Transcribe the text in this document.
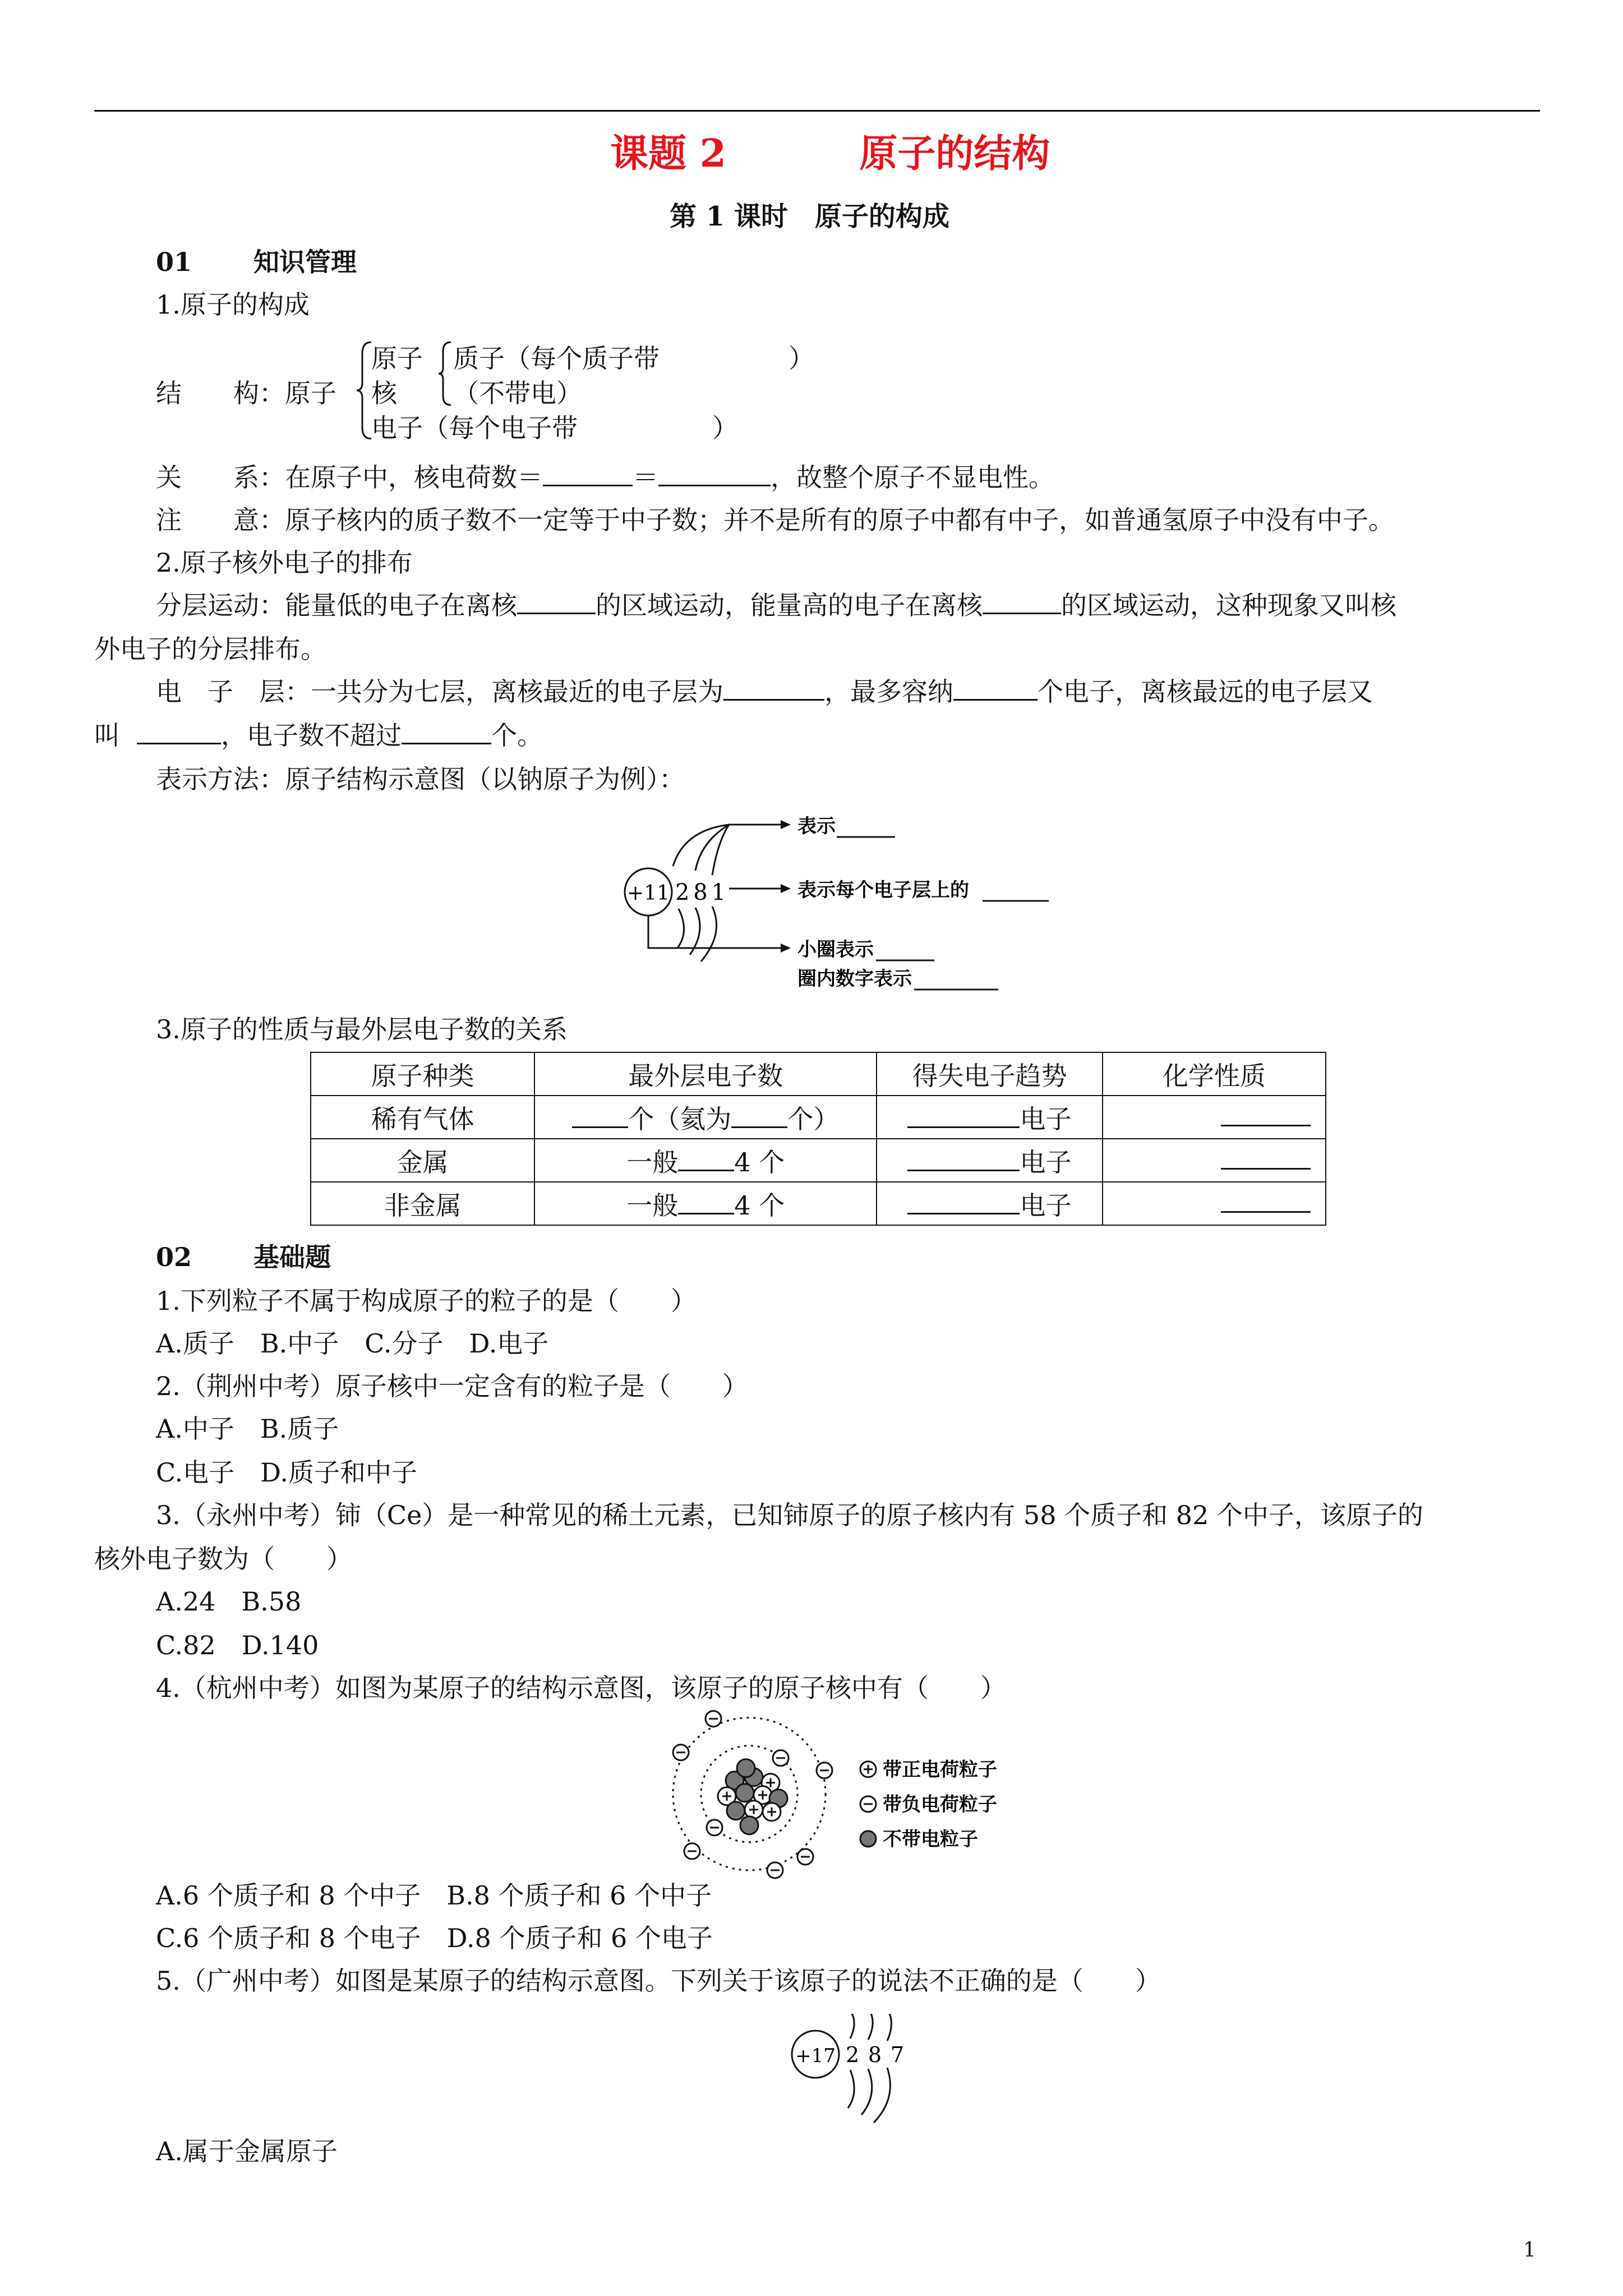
课题 2	原子的结构
第 1 课时　原子的构成
01 知识管理
1.原子的构成
结　　构：原子
原子
核
电子（每个电子带	）
质子（每个质子带	）
（不带电）
关　　系：在原子中，核电荷数＝	＝	，故整个原子不显电性。
注　　意：原子核内的质子数不一定等于中子数；并不是所有的原子中都有中子，如普通氢原子中没有中子。
2.原子核外电子的排布
分层运动：能量低的电子在离核	的区域运动，能量高的电子在离核	的区域运动，这种现象又叫核
外电子的分层排布。
电　子　层：一共分为七层，离核最近的电子层为	，最多容纳	个电子，离核最远的电子层又
叫	，电子数不超过	个。
表示方法：原子结构示意图（以钠原子为例）：
+11 2 8 1
表示
表示每个电子层上的
小圈表示
圈内数字表示
3.原子的性质与最外层电子数的关系
原子种类	最外层电子数	得失电子趋势	化学性质
稀有气体	个（氦为 个）	电子	
金属	一般 4 个	电子	
非金属	一般 4 个	电子	
02 基础题
1.下列粒子不属于构成原子的粒子的是（　　）
A.质子　B.中子　C.分子　D.电子
2.（荆州中考）原子核中一定含有的粒子是（　　）
A.中子　B.质子
C.电子　D.质子和中子
3.（永州中考）铈（Ce）是一种常见的稀土元素，已知铈原子的原子核内有 58 个质子和 82 个中子，该原子的
核外电子数为（　　）
A.24　B.58
C.82　D.140
4.（杭州中考）如图为某原子的结构示意图，该原子的原子核中有（　　）
带正电荷粒子
带负电荷粒子
不带电粒子
A.6 个质子和 8 个中子　B.8 个质子和 6 个中子
C.6 个质子和 8 个电子　D.8 个质子和 6 个电子
5.（广州中考）如图是某原子的结构示意图。下列关于该原子的说法不正确的是（　　）
+17 2 8 7
A.属于金属原子
1
